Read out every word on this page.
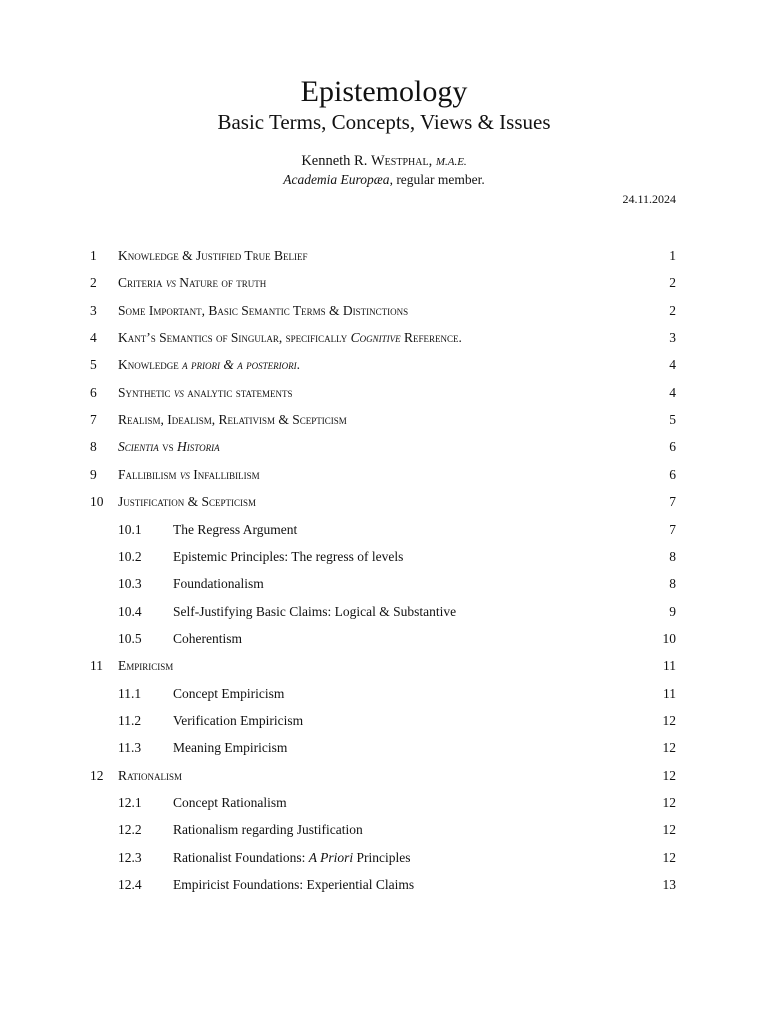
Epistemology
Basic Terms, Concepts, Views & Issues
Kenneth R. Westphal, M.A.E.
Academia Europæa, regular member.
24.11.2024
1 Knowledge & Justified True Belief	1
2 Criteria vs Nature of truth	2
3 Some Important, Basic Semantic Terms & Distinctions	2
4 Kant’s Semantics of Singular, specifically Cognitive Reference.	3
5 Knowledge a priori & a posteriori.	4
6 Synthetic vs analytic statements	4
7 Realism, Idealism, Relativism & Scepticism	5
8 Scientia vs Historia	6
9 Fallibilism vs Infallibilism	6
10 Justification & Scepticism	7
10.1 The Regress Argument	7
10.2 Epistemic Principles: The regress of levels	8
10.3 Foundationalism	8
10.4 Self-Justifying Basic Claims: Logical & Substantive	9
10.5 Coherentism	10
11 Empiricism	11
11.1 Concept Empiricism	11
11.2 Verification Empiricism	12
11.3 Meaning Empiricism	12
12 Rationalism	12
12.1 Concept Rationalism	12
12.2 Rationalism regarding Justification	12
12.3 Rationalist Foundations: A Priori Principles	12
12.4 Empiricist Foundations: Experiential Claims	13
